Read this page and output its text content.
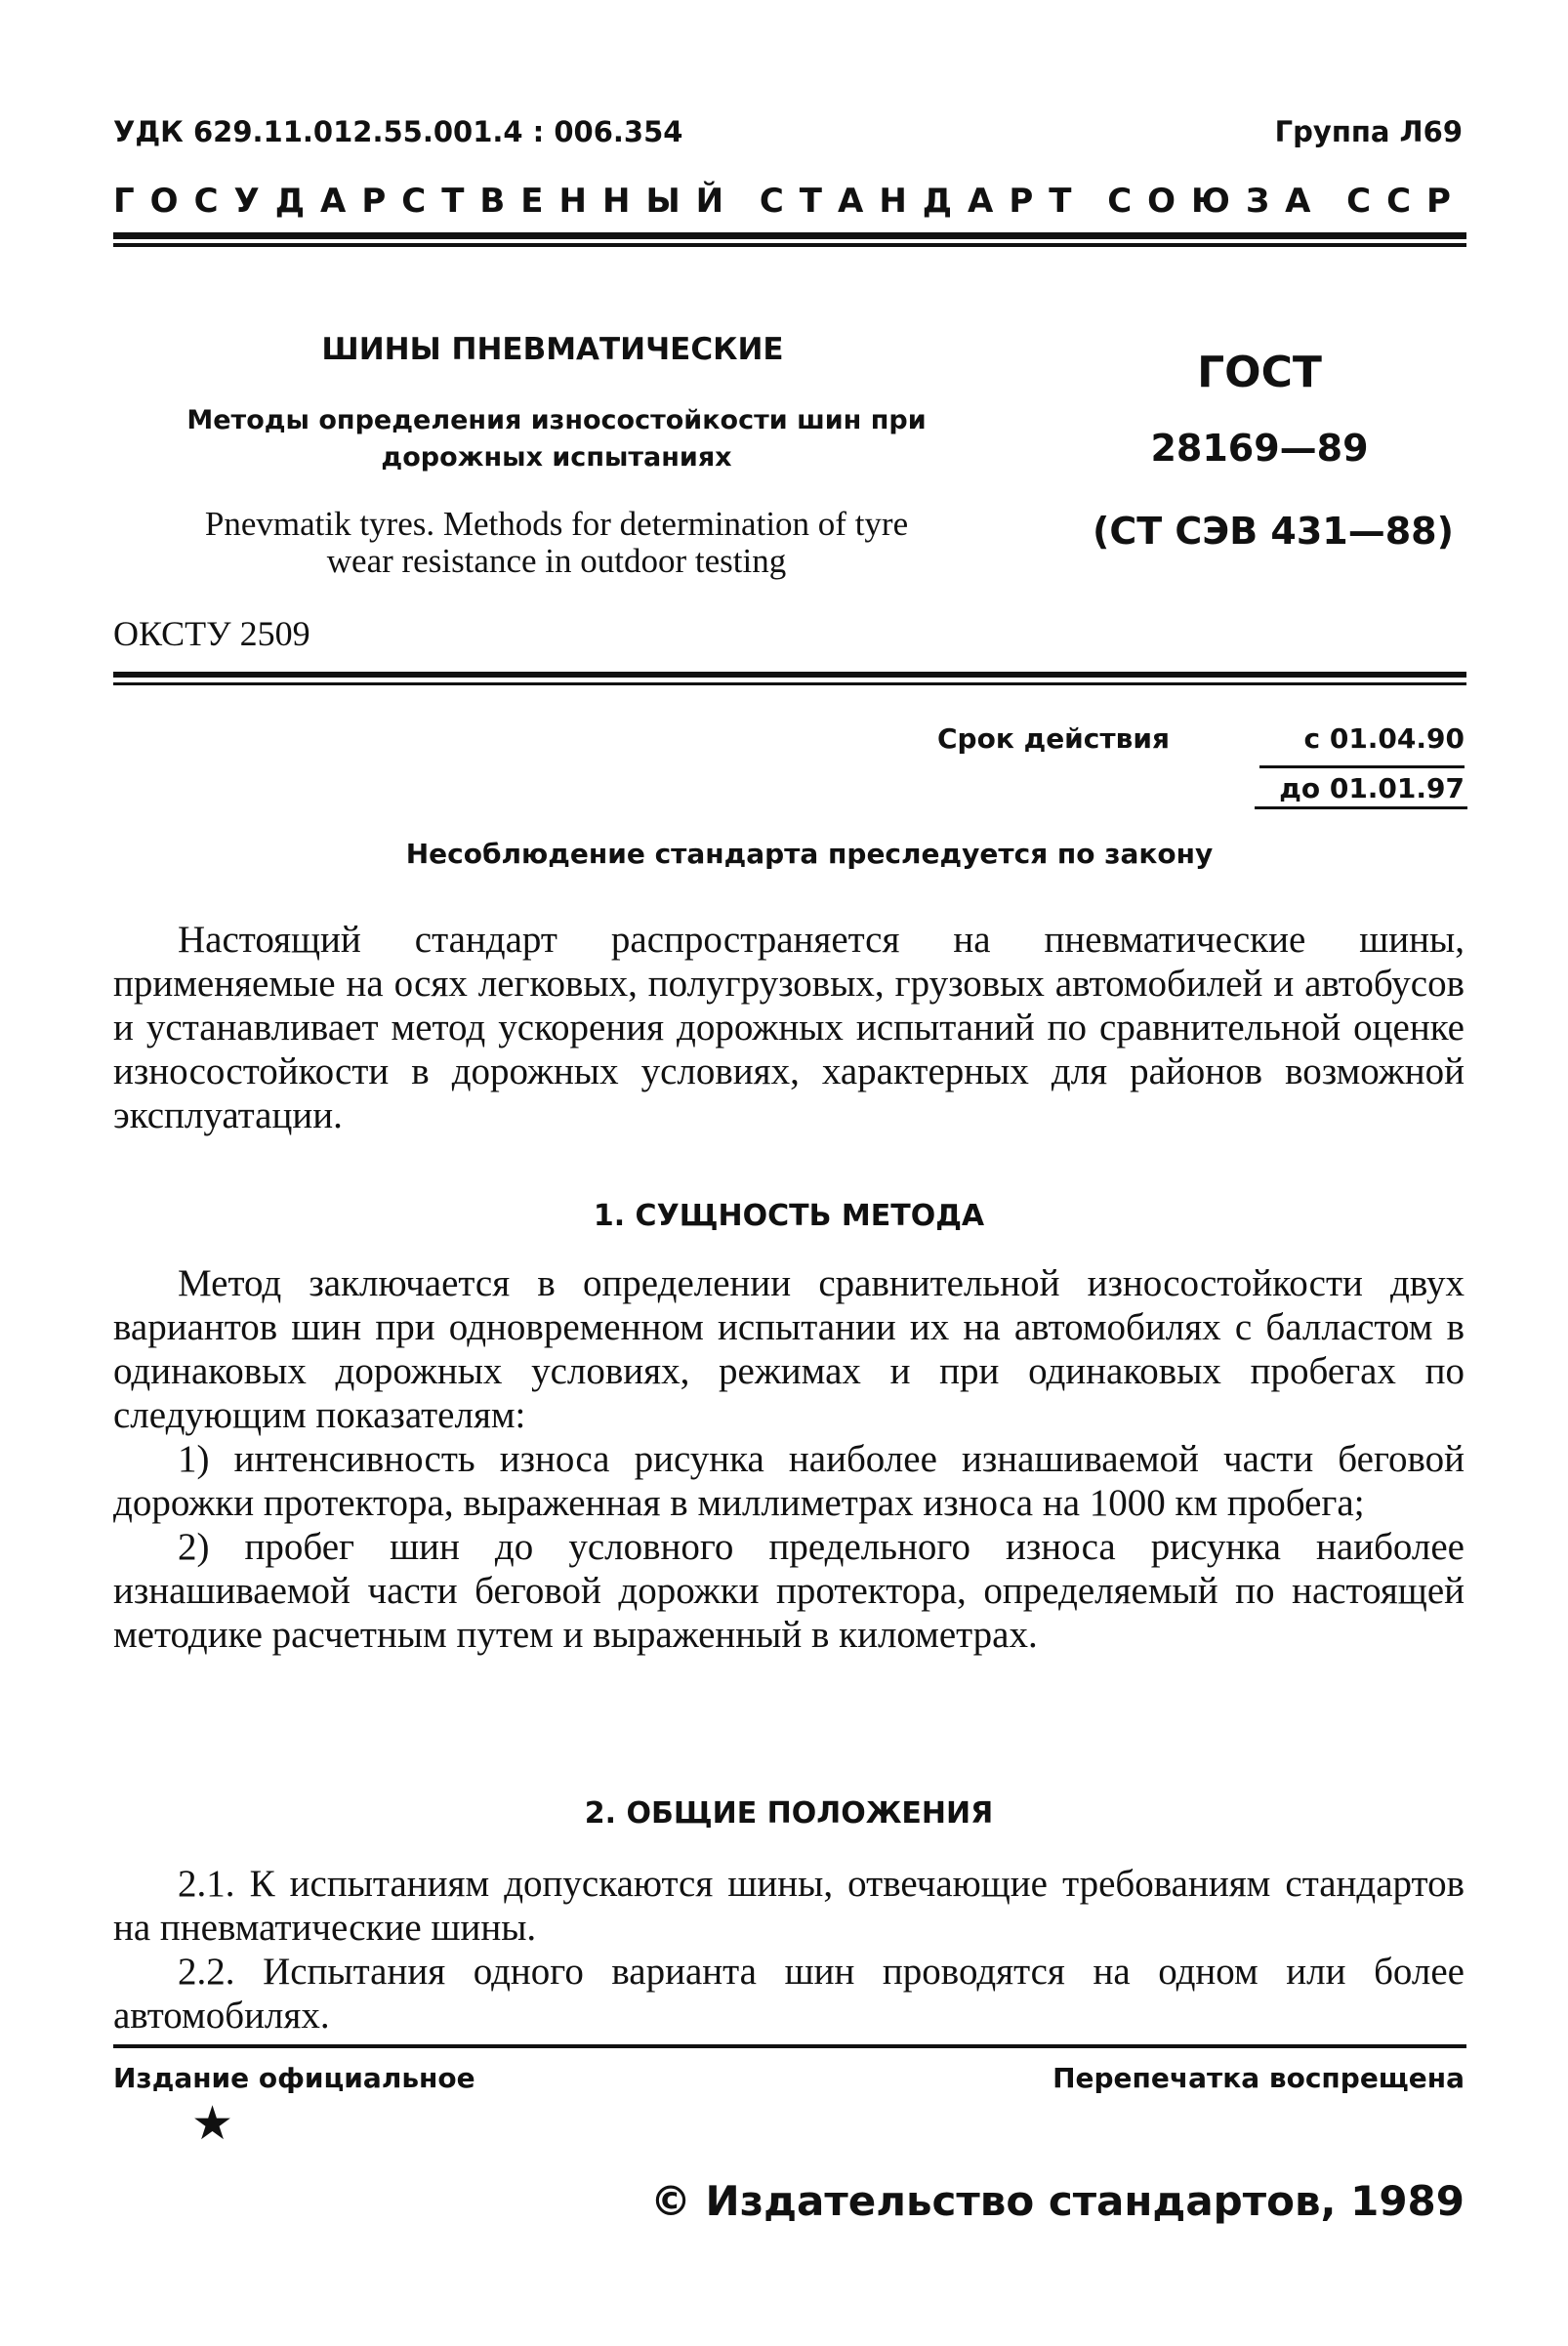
УДК 629.11.012.55.001.4 : 006.354	Группа Л69
ГОСУДАРСТВЕННЫЙ СТАНДАРТ СОЮЗА ССР
ШИНЫ ПНЕВМАТИЧЕСКИЕ
Методы определения износостойкости шин при
дорожных испытаниях
Pnevmatik tyres. Methods for determination of tyre
wear resistance in outdoor testing
ГОСТ
28169—89
(СТ СЭВ 431—88)
ОКСТУ 2509
Срок действия	с 01.04.90
до 01.01.97
Несоблюдение стандарта преследуется по закону

Настоящий стандарт распространяется на пневматические шины, применяемые на осях легковых, полугрузовых, грузовых автомобилей и автобусов и устанавливает метод ускорения дорожных испытаний по сравнительной оценке износостойкости в дорожных условиях, характерных для районов возможной эксплуатации.

1. СУЩНОСТЬ МЕТОДА

Метод заключается в определении сравнительной износостойкости двух вариантов шин при одновременном испытании их на автомобилях с балластом в одинаковых дорожных условиях, режимах и при одинаковых пробегах по следующим показателям:

1) интенсивность износа рисунка наиболее изнашиваемой части беговой дорожки протектора, выраженная в миллиметрах износа на 1000 км пробега;

2) пробег шин до условного предельного износа рисунка наиболее изнашиваемой части беговой дорожки протектора, определяемый по настоящей методике расчетным путем и выраженный в километрах.

2. ОБЩИЕ ПОЛОЖЕНИЯ

2.1. К испытаниям допускаются шины, отвечающие требованиям стандартов на пневматические шины.

2.2. Испытания одного варианта шин проводятся на одном или более автомобилях.

Издание официальное	Перепечатка воспрещена
★
© Издательство стандартов, 1989
